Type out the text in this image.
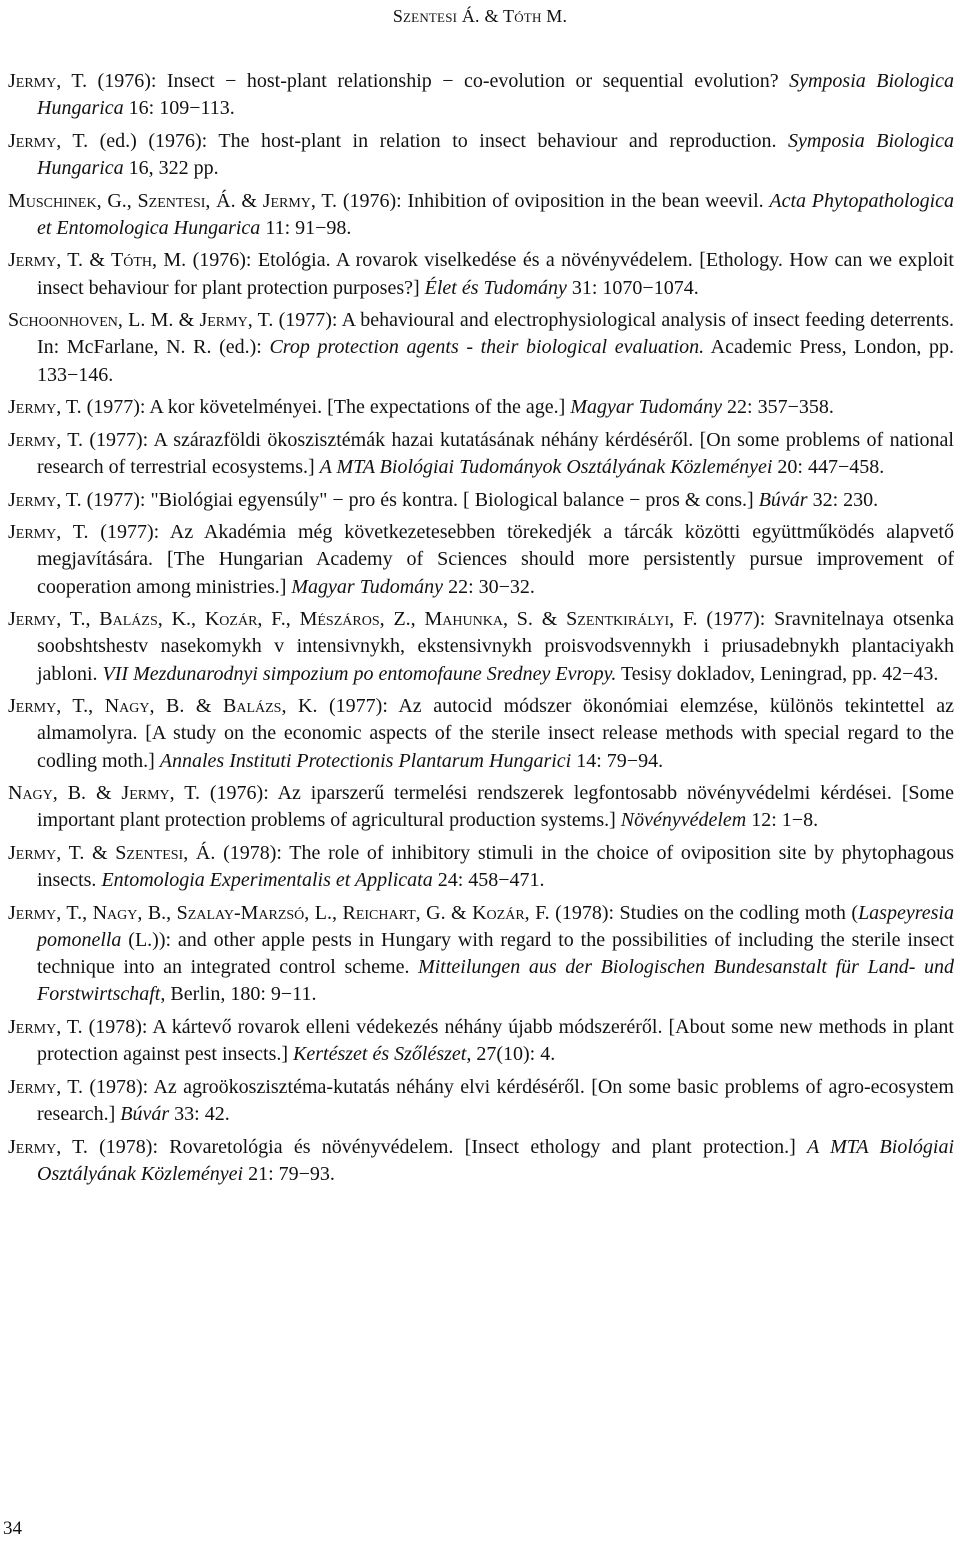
Szentesi Á. & Tóth M.

Jermy, T. (1976): Insect − host-plant relationship − co-evolution or sequential evolution? Symposia Biologica Hungarica 16: 109−113.

Jermy, T. (ed.) (1976): The host-plant in relation to insect behaviour and reproduction. Symposia Biologica Hungarica 16, 322 pp.

Muschinek, G., Szentesi, Á. & Jermy, T. (1976): Inhibition of oviposition in the bean weevil. Acta Phytopathologica et Entomologica Hungarica 11: 91−98.

Jermy, T. & Tóth, M. (1976): Etológia. A rovarok viselkedése és a növényvédelem. [Ethology. How can we exploit insect behaviour for plant protection purposes?] Élet és Tudomány 31: 1070−1074.

Schoonhoven, L. M. & Jermy, T. (1977): A behavioural and electrophysiological analysis of insect feeding deterrents. In: McFarlane, N. R. (ed.): Crop protection agents - their biological evaluation. Academic Press, London, pp. 133−146.

Jermy, T. (1977): A kor követelményei. [The expectations of the age.] Magyar Tudomány 22: 357−358.

Jermy, T. (1977): A szárazföldi ökoszisztémák hazai kutatásának néhány kérdéséről. [On some problems of national research of terrestrial ecosystems.] A MTA Biológiai Tudományok Osztályának Közleményei 20: 447−458.

Jermy, T. (1977): "Biológiai egyensúly" − pro és kontra. [ Biological balance − pros & cons.] Búvár 32: 230.

Jermy, T. (1977): Az Akadémia még következetesebben törekedjék a tárcák közötti együttműködés alapvető megjavítására. [The Hungarian Academy of Sciences should more persistently pursue improvement of cooperation among ministries.] Magyar Tudomány 22: 30−32.

Jermy, T., Balázs, K., Kozár, F., Mészáros, Z., Mahunka, S. & Szentkirályi, F. (1977): Sravnitelnaya otsenka soobshtshestv nasekomykh v intensivnykh, ekstensivnykh proisvodsvennykh i priusadebnykh plantaciyakh jabloni. VII Mezdunarodnyi simpozium po entomofaune Sredney Evropy. Tesisy dokladov, Leningrad, pp. 42−43.

Jermy, T., Nagy, B. & Balázs, K. (1977): Az autocid módszer ökonómiai elemzése, különös tekintettel az almamolyra. [A study on the economic aspects of the sterile insect release methods with special regard to the codling moth.] Annales Instituti Protectionis Plantarum Hungarici 14: 79−94.

Nagy, B. & Jermy, T. (1976): Az iparszerű termelési rendszerek legfontosabb növényvédelmi kérdései. [Some important plant protection problems of agricultural production systems.] Növényvédelem 12: 1−8.

Jermy, T. & Szentesi, Á. (1978): The role of inhibitory stimuli in the choice of oviposition site by phytophagous insects. Entomologia Experimentalis et Applicata 24: 458−471.

Jermy, T., Nagy, B., Szalay-Marzsó, L., Reichart, G. & Kozár, F. (1978): Studies on the codling moth (Laspeyresia pomonella (L.)): and other apple pests in Hungary with regard to the possibilities of including the sterile insect technique into an integrated control scheme. Mitteilungen aus der Biologischen Bundesanstalt für Land- und Forstwirtschaft, Berlin, 180: 9−11.

Jermy, T. (1978): A kártevő rovarok elleni védekezés néhány újabb módszeréről. [About some new methods in plant protection against pest insects.] Kertészet és Szőlészet, 27(10): 4.

Jermy, T. (1978): Az agroökoszisztéma-kutatás néhány elvi kérdéséről. [On some basic problems of agro-ecosystem research.] Búvár 33: 42.

Jermy, T. (1978): Rovaretológia és növényvédelem. [Insect ethology and plant protection.] A MTA Biológiai Osztályának Közleményei 21: 79−93.

34
